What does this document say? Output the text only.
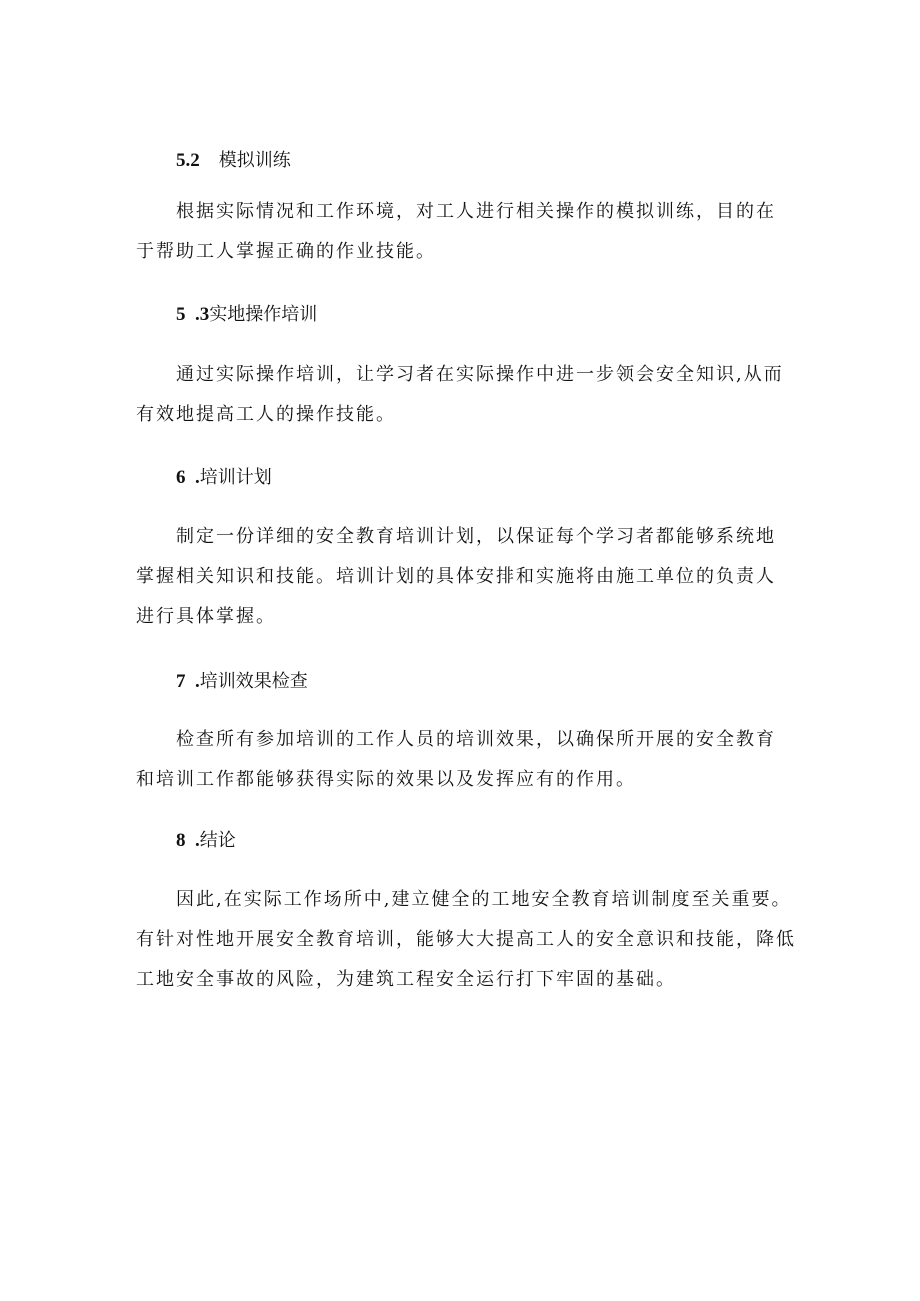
5.2  模拟训练
根据实际情况和工作环境，对工人进行相关操作的模拟训练，目的在
于帮助工人掌握正确的作业技能。
5 .3实地操作培训
通过实际操作培训，让学习者在实际操作中进一步领会安全知识,从而
有效地提高工人的操作技能。
6 .培训计划
制定一份详细的安全教育培训计划，以保证每个学习者都能够系统地
掌握相关知识和技能。培训计划的具体安排和实施将由施工单位的负责人
进行具体掌握。
7 .培训效果检查
检查所有参加培训的工作人员的培训效果，以确保所开展的安全教育
和培训工作都能够获得实际的效果以及发挥应有的作用。
8 .结论
因此,在实际工作场所中,建立健全的工地安全教育培训制度至关重要。
有针对性地开展安全教育培训，能够大大提高工人的安全意识和技能，降低
工地安全事故的风险，为建筑工程安全运行打下牢固的基础。
